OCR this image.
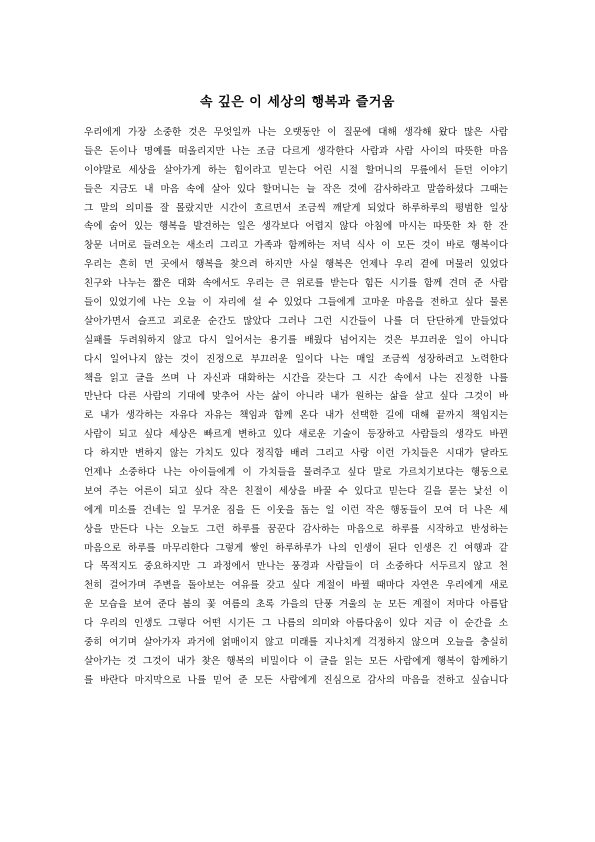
속 깊은 이 세상의 행복과 즐거움
우리에게 가장 소중한 것은 무엇일까 나는 오랫동안 이 질문에 대해 생각해 왔다 많은 사람
들은 돈이나 명예를 떠올리지만 나는 조금 다르게 생각한다 사람과 사람 사이의 따뜻한 마음
이야말로 세상을 살아가게 하는 힘이라고 믿는다 어린 시절 할머니의 무릎에서 듣던 이야기
들은 지금도 내 마음 속에 살아 있다 할머니는 늘 작은 것에 감사하라고 말씀하셨다 그때는
그 말의 의미를 잘 몰랐지만 시간이 흐르면서 조금씩 깨닫게 되었다 하루하루의 평범한 일상
속에 숨어 있는 행복을 발견하는 일은 생각보다 어렵지 않다 아침에 마시는 따뜻한 차 한 잔
창문 너머로 들려오는 새소리 그리고 가족과 함께하는 저녁 식사 이 모든 것이 바로 행복이다
우리는 흔히 먼 곳에서 행복을 찾으려 하지만 사실 행복은 언제나 우리 곁에 머물러 있었다
친구와 나누는 짧은 대화 속에서도 우리는 큰 위로를 받는다 힘든 시기를 함께 견뎌 준 사람
들이 있었기에 나는 오늘 이 자리에 설 수 있었다 그들에게 고마운 마음을 전하고 싶다 물론
살아가면서 슬프고 괴로운 순간도 많았다 그러나 그런 시간들이 나를 더 단단하게 만들었다
실패를 두려워하지 않고 다시 일어서는 용기를 배웠다 넘어지는 것은 부끄러운 일이 아니다
다시 일어나지 않는 것이 진정으로 부끄러운 일이다 나는 매일 조금씩 성장하려고 노력한다
책을 읽고 글을 쓰며 나 자신과 대화하는 시간을 갖는다 그 시간 속에서 나는 진정한 나를
만난다 다른 사람의 기대에 맞추어 사는 삶이 아니라 내가 원하는 삶을 살고 싶다 그것이 바
로 내가 생각하는 자유다 자유는 책임과 함께 온다 내가 선택한 길에 대해 끝까지 책임지는
사람이 되고 싶다 세상은 빠르게 변하고 있다 새로운 기술이 등장하고 사람들의 생각도 바뀐
다 하지만 변하지 않는 가치도 있다 정직함 배려 그리고 사랑 이런 가치들은 시대가 달라도
언제나 소중하다 나는 아이들에게 이 가치들을 물려주고 싶다 말로 가르치기보다는 행동으로
보여 주는 어른이 되고 싶다 작은 친절이 세상을 바꿀 수 있다고 믿는다 길을 묻는 낯선 이
에게 미소를 건네는 일 무거운 짐을 든 이웃을 돕는 일 이런 작은 행동들이 모여 더 나은 세
상을 만든다 나는 오늘도 그런 하루를 꿈꾼다 감사하는 마음으로 하루를 시작하고 반성하는
마음으로 하루를 마무리한다 그렇게 쌓인 하루하루가 나의 인생이 된다 인생은 긴 여행과 같
다 목적지도 중요하지만 그 과정에서 만나는 풍경과 사람들이 더 소중하다 서두르지 않고 천
천히 걸어가며 주변을 돌아보는 여유를 갖고 싶다 계절이 바뀔 때마다 자연은 우리에게 새로
운 모습을 보여 준다 봄의 꽃 여름의 초록 가을의 단풍 겨울의 눈 모든 계절이 저마다 아름답
다 우리의 인생도 그렇다 어떤 시기든 그 나름의 의미와 아름다움이 있다 지금 이 순간을 소
중히 여기며 살아가자 과거에 얽매이지 않고 미래를 지나치게 걱정하지 않으며 오늘을 충실히
살아가는 것 그것이 내가 찾은 행복의 비밀이다 이 글을 읽는 모든 사람에게 행복이 함께하기
를 바란다 마지막으로 나를 믿어 준 모든 사람에게 진심으로 감사의 마음을 전하고 싶습니다
